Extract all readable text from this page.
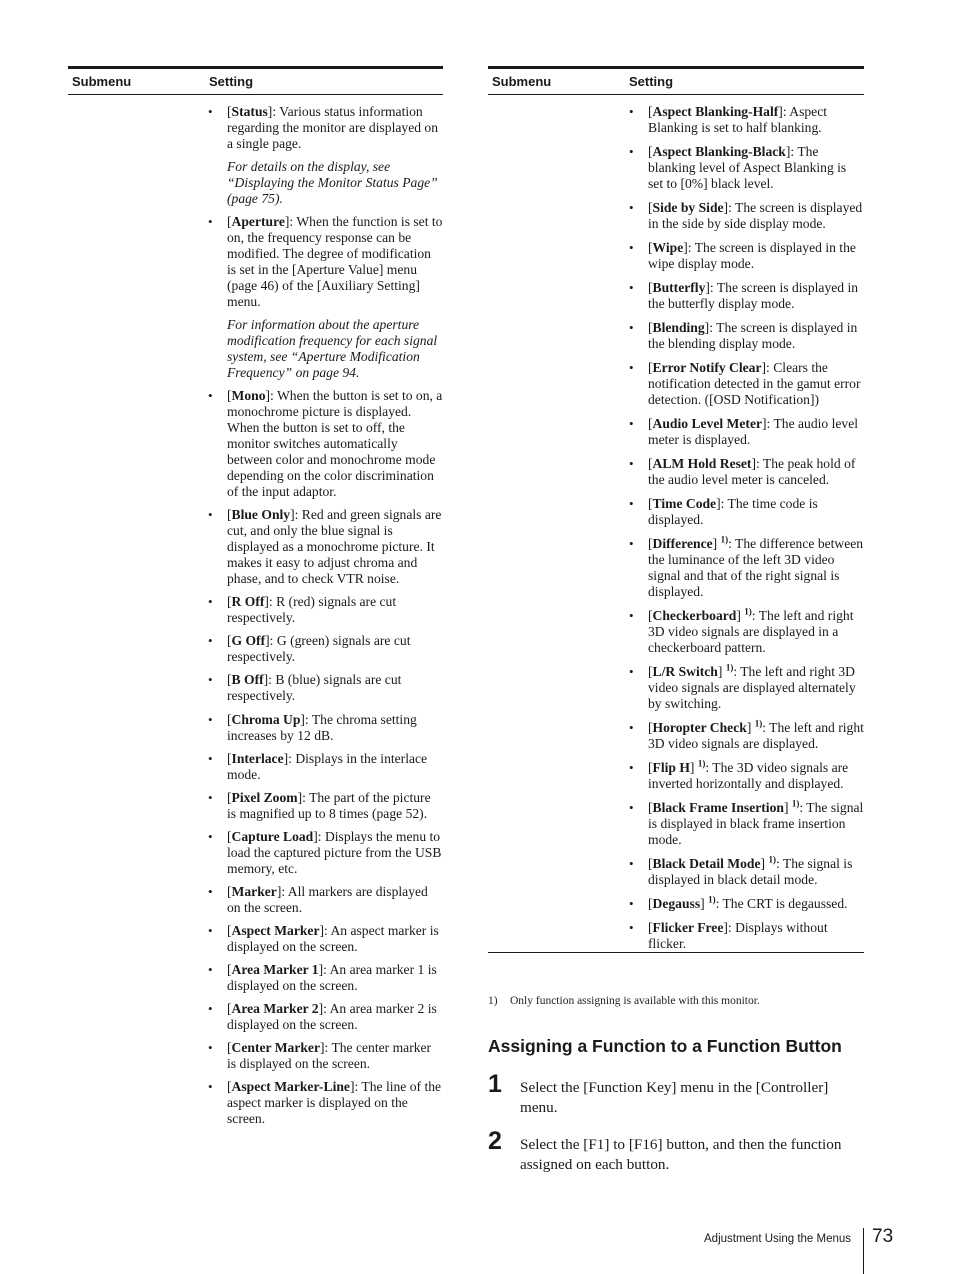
Submenu	Setting
• [Status]: Various status information regarding the monitor are displayed on a single page.
For details on the display, see “Displaying the Monitor Status Page” (page 75).
• [Aperture]: When the function is set to on, the frequency response can be modified. The degree of modification is set in the [Aperture Value] menu (page 46) of the [Auxiliary Setting] menu.
For information about the aperture modification frequency for each signal system, see “Aperture Modification Frequency” on page 94.
• [Mono]: When the button is set to on, a monochrome picture is displayed. When the button is set to off, the monitor switches automatically between color and monochrome mode depending on the color discrimination of the input adaptor.
• [Blue Only]: Red and green signals are cut, and only the blue signal is displayed as a monochrome picture. It makes it easy to adjust chroma and phase, and to check VTR noise.
• [R Off]: R (red) signals are cut respectively.
• [G Off]: G (green) signals are cut respectively.
• [B Off]: B (blue) signals are cut respectively.
• [Chroma Up]: The chroma setting increases by 12 dB.
• [Interlace]: Displays in the interlace mode.
• [Pixel Zoom]: The part of the picture is magnified up to 8 times (page 52).
• [Capture Load]: Displays the menu to load the captured picture from the USB memory, etc.
• [Marker]: All markers are displayed on the screen.
• [Aspect Marker]: An aspect marker is displayed on the screen.
• [Area Marker 1]: An area marker 1 is displayed on the screen.
• [Area Marker 2]: An area marker 2 is displayed on the screen.
• [Center Marker]: The center marker is displayed on the screen.
• [Aspect Marker-Line]: The line of the aspect marker is displayed on the screen.
Submenu	Setting
• [Aspect Blanking-Half]: Aspect Blanking is set to half blanking.
• [Aspect Blanking-Black]: The blanking level of Aspect Blanking is set to [0%] black level.
• [Side by Side]: The screen is displayed in the side by side display mode.
• [Wipe]: The screen is displayed in the wipe display mode.
• [Butterfly]: The screen is displayed in the butterfly display mode.
• [Blending]: The screen is displayed in the blending display mode.
• [Error Notify Clear]: Clears the notification detected in the gamut error detection. ([OSD Notification])
• [Audio Level Meter]: The audio level meter is displayed.
• [ALM Hold Reset]: The peak hold of the audio level meter is canceled.
• [Time Code]: The time code is displayed.
• [Difference] $^{1)}$: The difference between the luminance of the left 3D video signal and that of the right signal is displayed.
• [Checkerboard] $^{1)}$: The left and right 3D video signals are displayed in a checkerboard pattern.
• [L/R Switch] $^{1)}$: The left and right 3D video signals are displayed alternately by switching.
• [Horopter Check] $^{1)}$: The left and right 3D video signals are displayed.
• [Flip H] $^{1)}$: The 3D video signals are inverted horizontally and displayed.
• [Black Frame Insertion] $^{1)}$: The signal is displayed in black frame insertion mode.
• [Black Detail Mode] $^{1)}$: The signal is displayed in black detail mode.
• [Degauss] $^{1)}$: The CRT is degaussed.
• [Flicker Free]: Displays without flicker.
1) Only function assigning is available with this monitor.
Assigning a Function to a Function Button
1 Select the [Function Key] menu in the [Controller] menu.
2 Select the [F1] to [F16] button, and then the function assigned on each button.
Adjustment Using the Menus 73
